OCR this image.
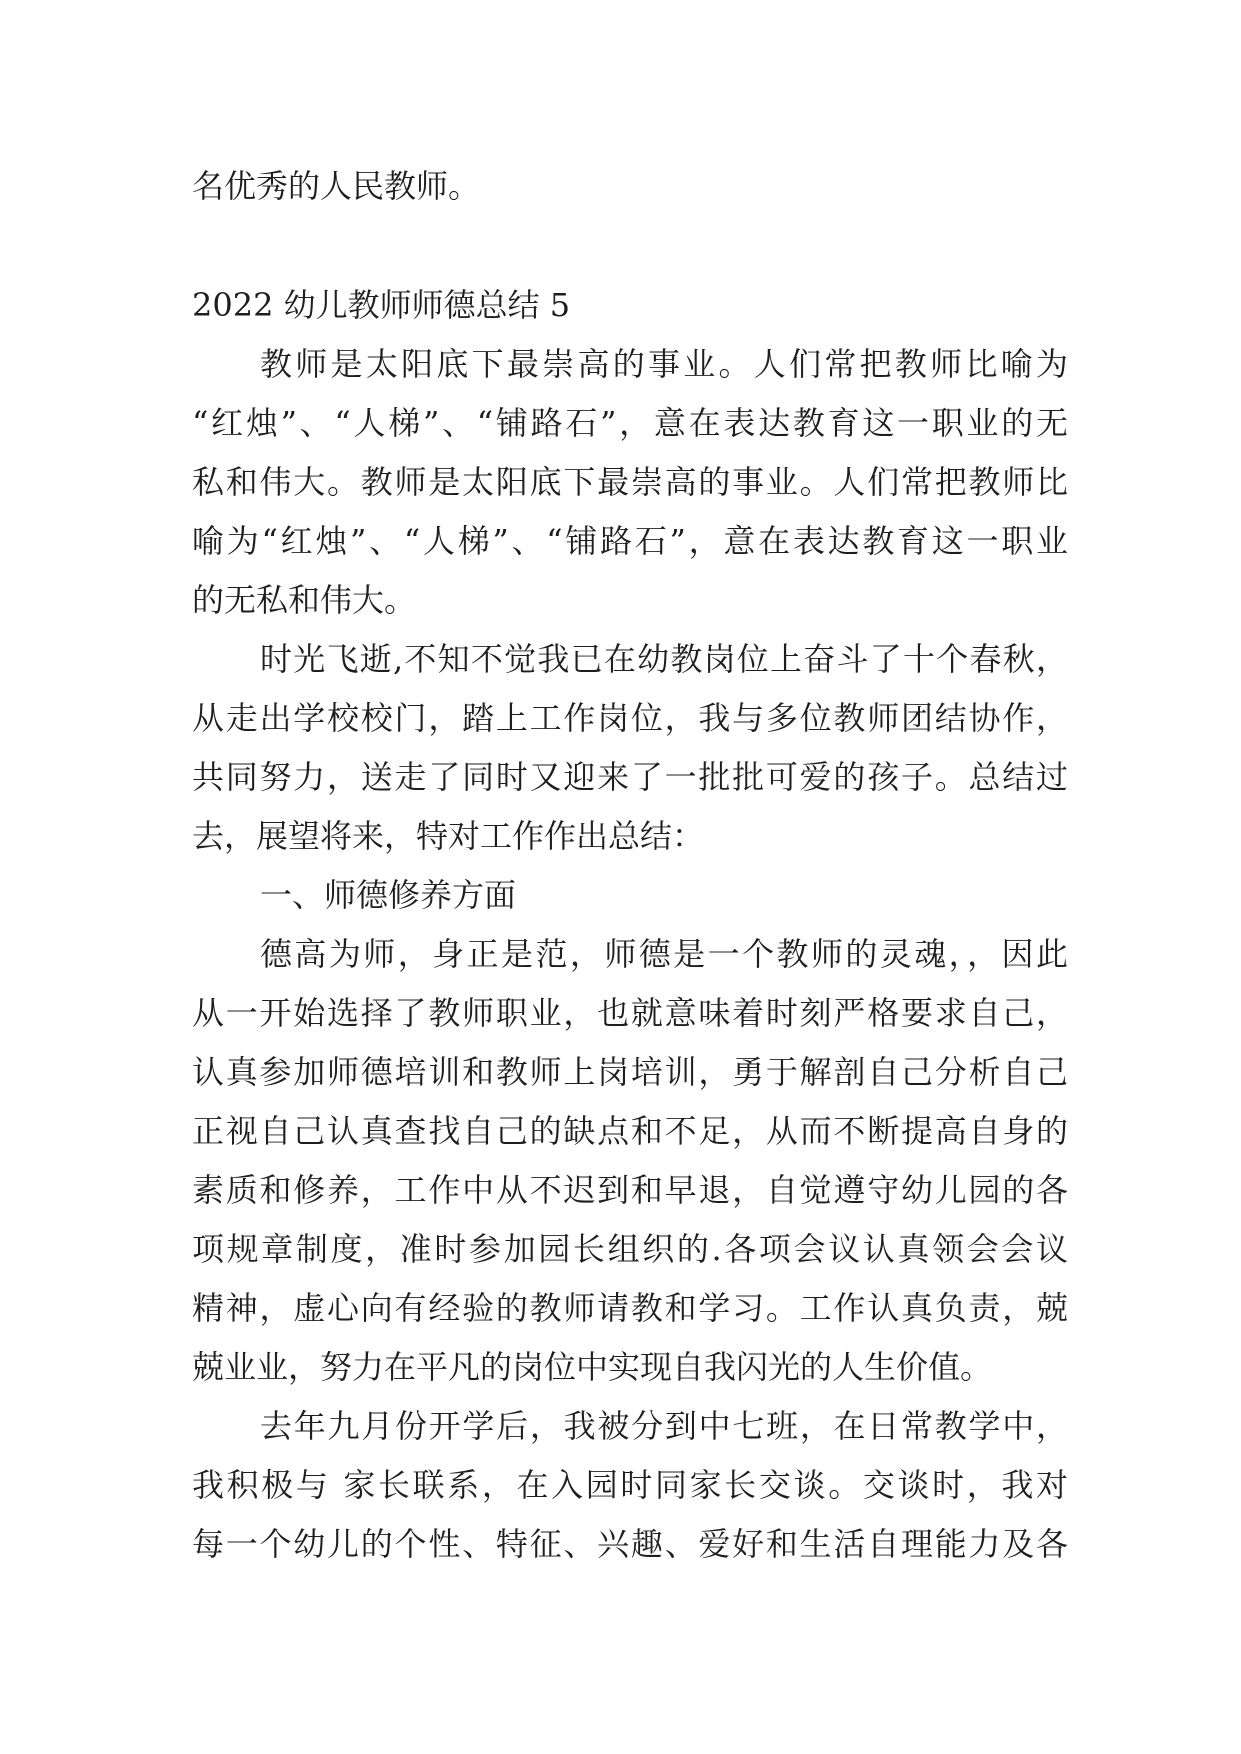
名优秀的人民教师。
2022 幼儿教师师德总结 5
教师是太阳底下最崇高的事业。人们常把教师比喻为
“红烛”、“人梯”、“铺路石”，意在表达教育这一职业的无
私和伟大。教师是太阳底下最崇高的事业。人们常把教师比
喻为“红烛”、“人梯”、“铺路石”，意在表达教育这一职业
的无私和伟大。
时光飞逝,不知不觉我已在幼教岗位上奋斗了十个春秋，
从走出学校校门，踏上工作岗位，我与多位教师团结协作，
共同努力，送走了同时又迎来了一批批可爱的孩子。总结过
去，展望将来，特对工作作出总结：
一、师德修养方面
德高为师，身正是范，师德是一个教师的灵魂，，因此
从一开始选择了教师职业，也就意味着时刻严格要求自己，
认真参加师德培训和教师上岗培训，勇于解剖自己分析自己
正视自己认真查找自己的缺点和不足，从而不断提高自身的
素质和修养，工作中从不迟到和早退，自觉遵守幼儿园的各
项规章制度，准时参加园长组织的.各项会议认真领会会议
精神，虚心向有经验的教师请教和学习。工作认真负责，兢
兢业业，努力在平凡的岗位中实现自我闪光的人生价值。
去年九月份开学后，我被分到中七班，在日常教学中，
我积极与 家长联系，在入园时同家长交谈。交谈时，我对
每一个幼儿的个性、特征、兴趣、爱好和生活自理能力及各
